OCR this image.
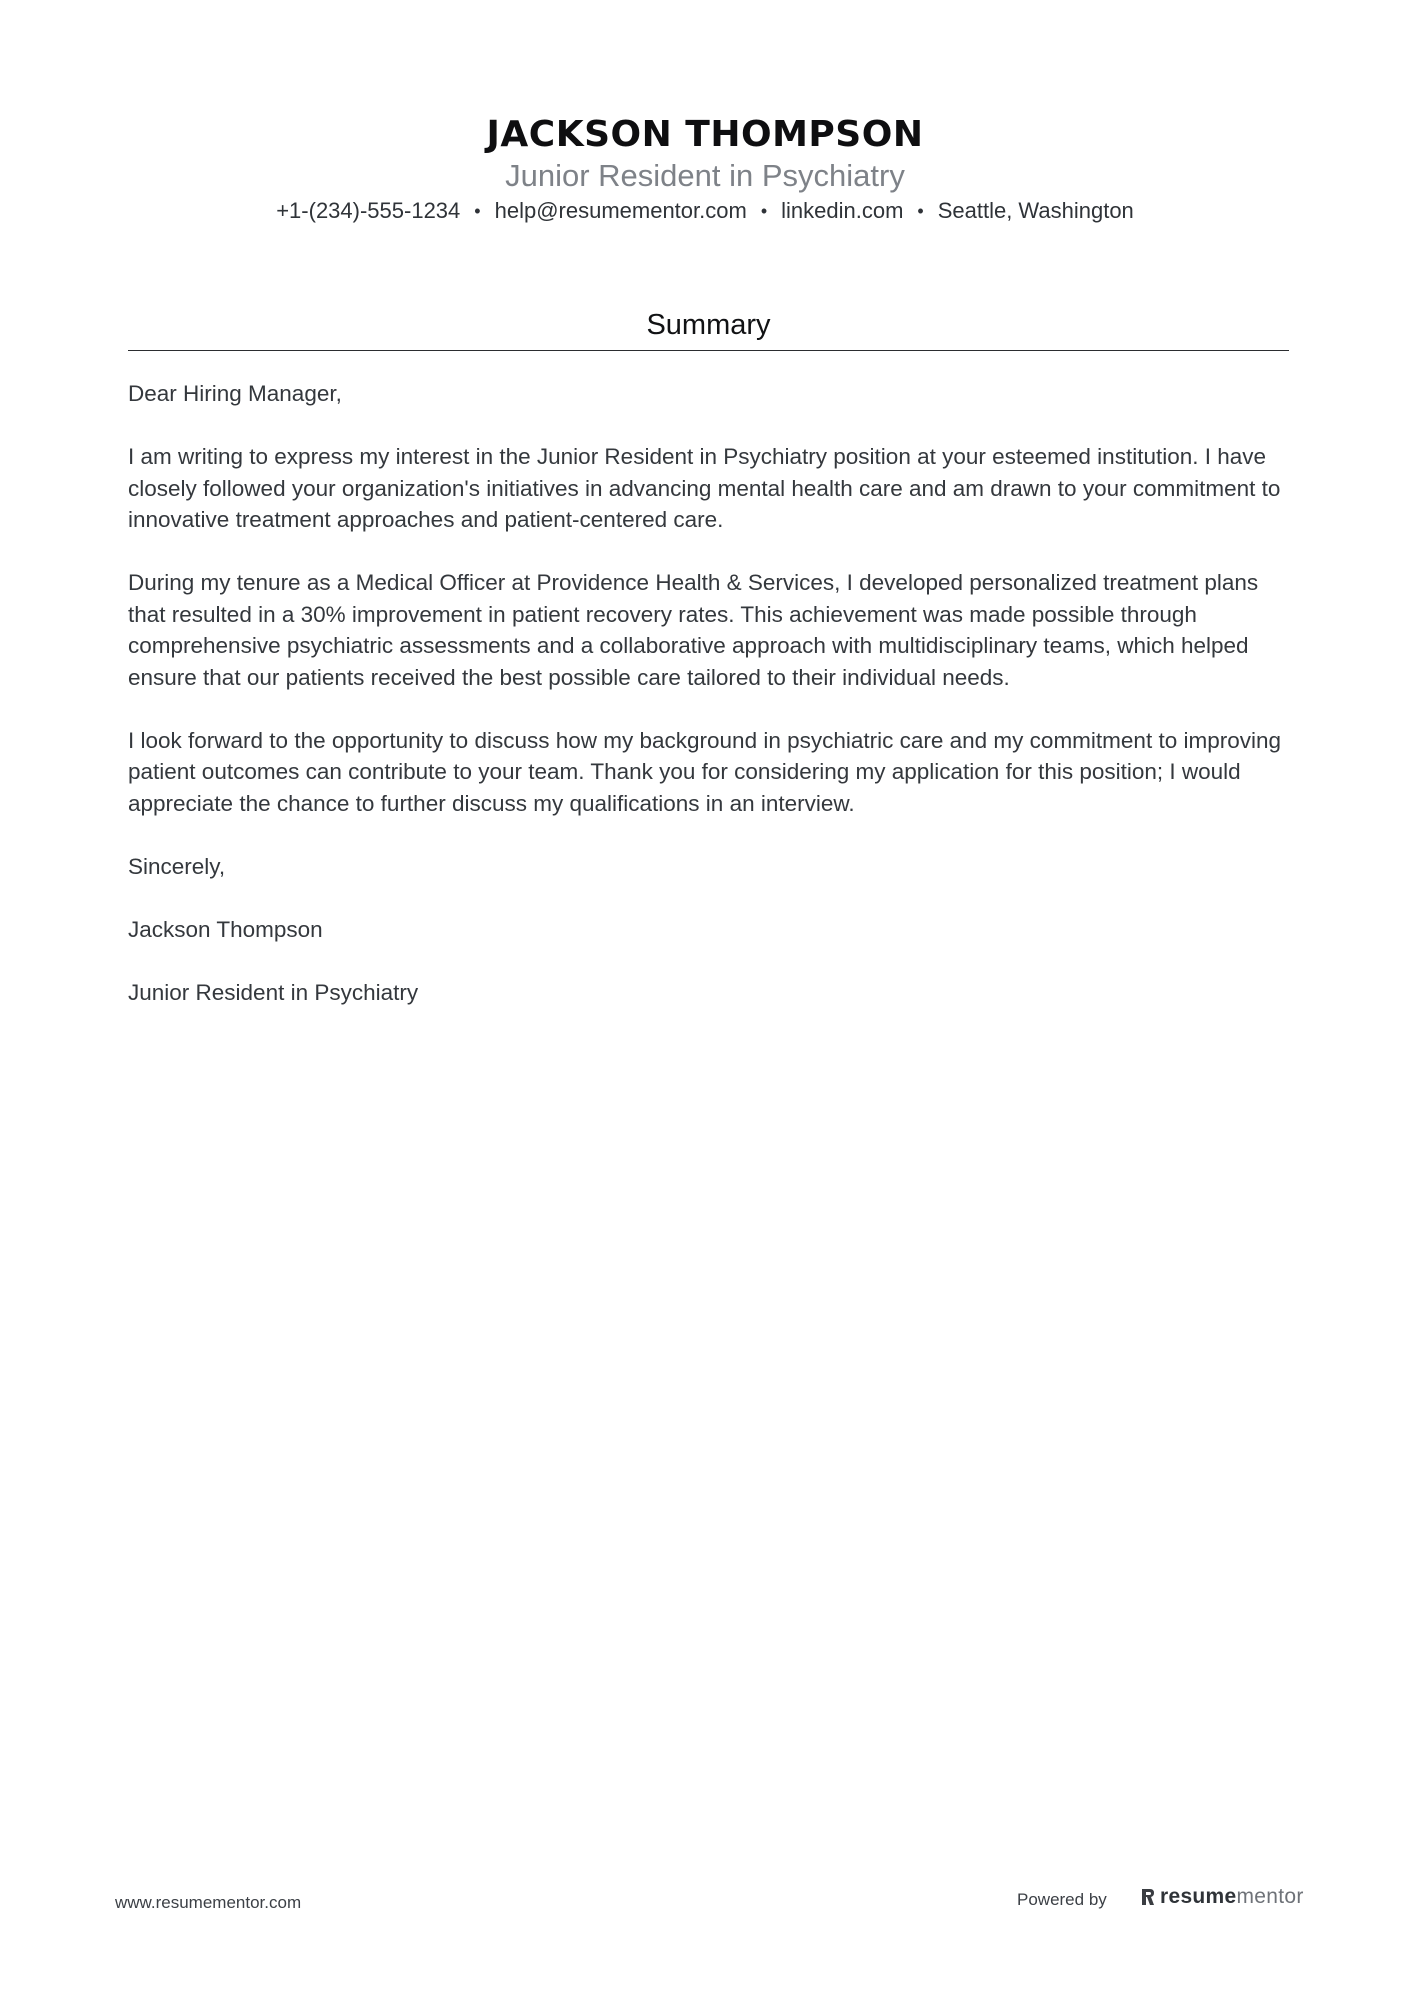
JACKSON THOMPSON
Junior Resident in Psychiatry
+1-(234)-555-1234 • help@resumementor.com • linkedin.com • Seattle, Washington
Summary

Dear Hiring Manager,

I am writing to express my interest in the Junior Resident in Psychiatry position at your esteemed institution. I have closely followed your organization's initiatives in advancing mental health care and am drawn to your commitment to innovative treatment approaches and patient-centered care.

During my tenure as a Medical Officer at Providence Health & Services, I developed personalized treatment plans that resulted in a 30% improvement in patient recovery rates. This achievement was made possible through comprehensive psychiatric assessments and a collaborative approach with multidisciplinary teams, which helped ensure that our patients received the best possible care tailored to their individual needs.

I look forward to the opportunity to discuss how my background in psychiatric care and my commitment to improving patient outcomes can contribute to your team. Thank you for considering my application for this position; I would appreciate the chance to further discuss my qualifications in an interview.

Sincerely,

Jackson Thompson

Junior Resident in Psychiatry

www.resumementor.com	Powered by	resume mentor
